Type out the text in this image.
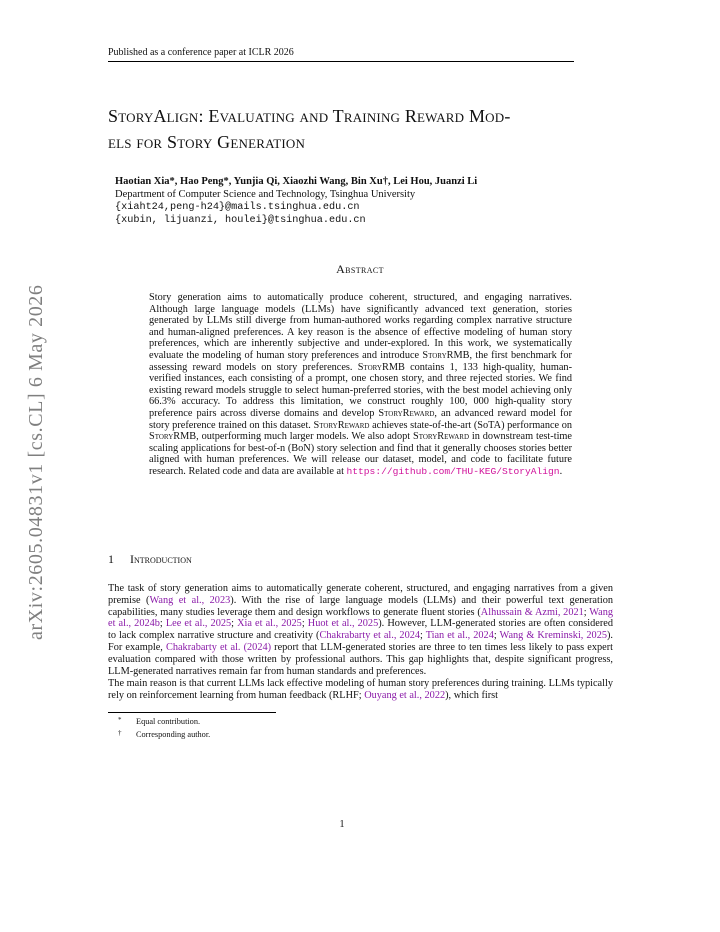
Published as a conference paper at ICLR 2026
arXiv:2605.04831v1 [cs.CL] 6 May 2026
StoryAlign: Evaluating and Training Reward Mod-
els for Story Generation
Haotian Xia*, Hao Peng*, Yunjia Qi, Xiaozhi Wang, Bin Xu†, Lei Hou, Juanzi Li
Department of Computer Science and Technology, Tsinghua University
{xiaht24,peng-h24}@mails.tsinghua.edu.cn
{xubin, lijuanzi, houlei}@tsinghua.edu.cn
Abstract
Story generation aims to automatically produce coherent, structured, and engaging narratives. Although large language models (LLMs) have significantly advanced text generation, stories generated by LLMs still diverge from human-authored works regarding complex narrative structure and human-aligned preferences. A key reason is the absence of effective modeling of human story preferences, which are inherently subjective and under-explored. In this work, we systematically evaluate the modeling of human story preferences and introduce StoryRMB, the first benchmark for assessing reward models on story preferences. StoryRMB contains 1, 133 high-quality, human-verified instances, each consisting of a prompt, one chosen story, and three rejected stories. We find existing reward models struggle to select human-preferred stories, with the best model achieving only 66.3% accuracy. To address this limitation, we construct roughly 100, 000 high-quality story preference pairs across diverse domains and develop StoryReward, an advanced reward model for story preference trained on this dataset. StoryReward achieves state-of-the-art (SoTA) performance on StoryRMB, outperforming much larger models. We also adopt StoryReward in downstream test-time scaling applications for best-of-n (BoN) story selection and find that it generally chooses stories better aligned with human preferences. We will release our dataset, model, and code to facilitate future research. Related code and data are available at https://github.com/THU-KEG/StoryAlign.
1 Introduction
The task of story generation aims to automatically generate coherent, structured, and engaging narratives from a given premise (Wang et al., 2023). With the rise of large language models (LLMs) and their powerful text generation capabilities, many studies leverage them and design workflows to generate fluent stories (Alhussain & Azmi, 2021; Wang et al., 2024b; Lee et al., 2025; Xia et al., 2025; Huot et al., 2025). However, LLM-generated stories are often considered to lack complex narrative structure and creativity (Chakrabarty et al., 2024; Tian et al., 2024; Wang & Kreminski, 2025). For example, Chakrabarty et al. (2024) report that LLM-generated stories are three to ten times less likely to pass expert evaluation compared with those written by professional authors. This gap highlights that, despite significant progress, LLM-generated narratives remain far from human standards and preferences.
The main reason is that current LLMs lack effective modeling of human story preferences during training. LLMs typically rely on reinforcement learning from human feedback (RLHF; Ouyang et al., 2022), which first
* Equal contribution.
† Corresponding author.
1
